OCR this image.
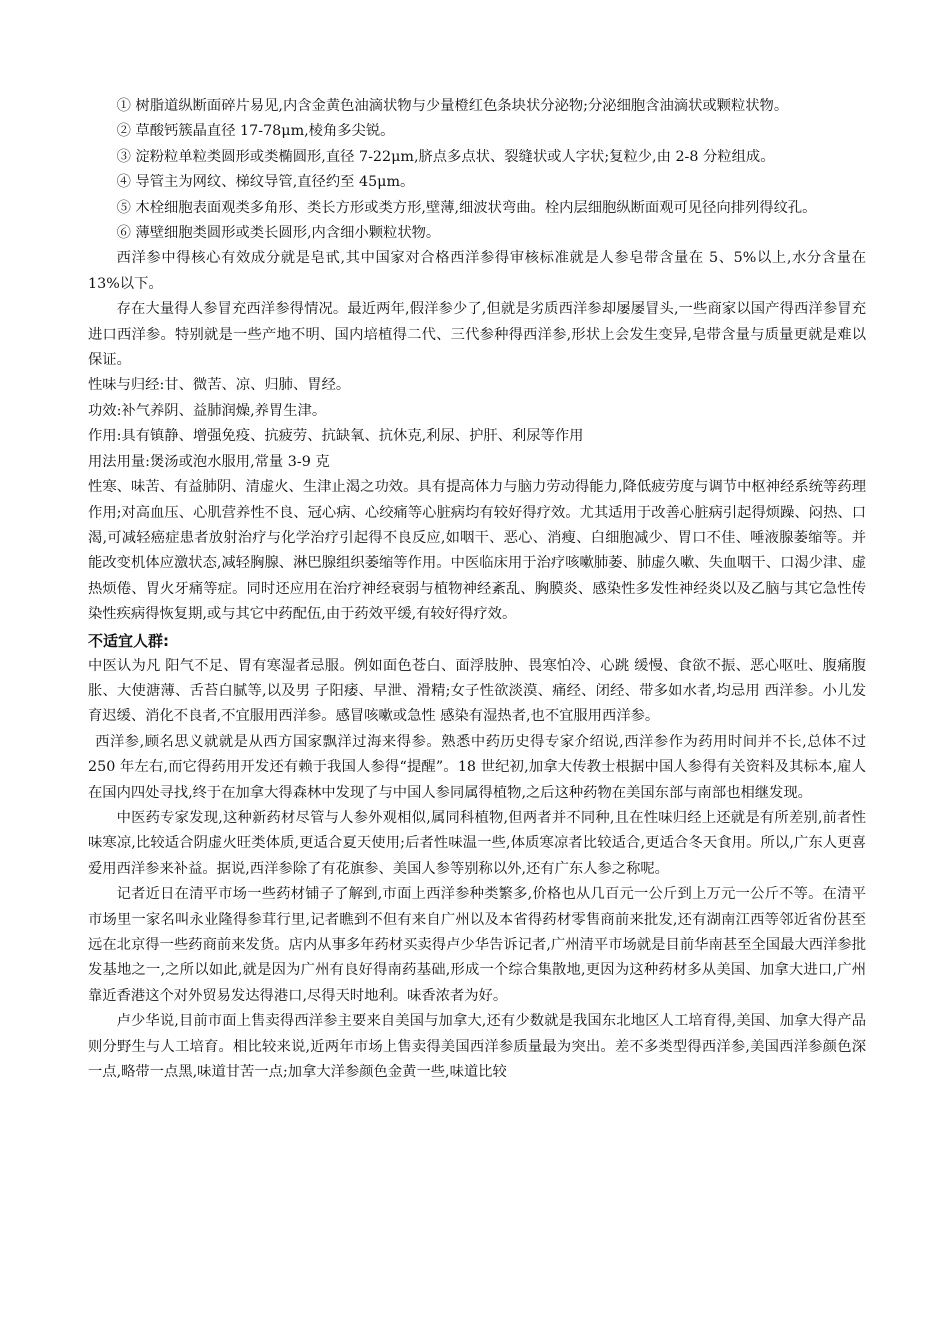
① 树脂道纵断面碎片易见,内含金黄色油滴状物与少量橙红色条块状分泌物;分泌细胞含油滴状或颗粒状物。

② 草酸钙簇晶直径 17-78μm,棱角多尖锐。

③ 淀粉粒单粒类圆形或类椭圆形,直径 7-22μm,脐点多点状、裂缝状或人字状;复粒少,由 2-8 分粒组成。

④ 导管主为网纹、梯纹导管,直径约至 45μm。

⑤ 木栓细胞表面观类多角形、类长方形或类方形,壁薄,细波状弯曲。栓内层细胞纵断面观可见径向排列得纹孔。

⑥ 薄壁细胞类圆形或类长圆形,内含细小颗粒状物。

西洋参中得核心有效成分就是皂甙,其中国家对合格西洋参得审核标准就是人参皂带含量在 5、5%以上,水分含量在 13%以下。

存在大量得人参冒充西洋参得情况。最近两年,假洋参少了,但就是劣质西洋参却屡屡冒头,一些商家以国产得西洋参冒充进口西洋参。特别就是一些产地不明、国内培植得二代、三代参种得西洋参,形状上会发生变异,皂带含量与质量更就是难以保证。

性味与归经:甘、微苦、凉、归肺、胃经。

功效:补气养阴、益肺润燥,养胃生津。

作用:具有镇静、增强免疫、抗疲劳、抗缺氧、抗休克,利尿、护肝、利尿等作用

用法用量:煲汤或泡水服用,常量 3-9 克

性寒、味苦、有益肺阴、清虚火、生津止渴之功效。具有提高体力与脑力劳动得能力,降低疲劳度与调节中枢神经系统等药理作用;对高血压、心肌营养性不良、冠心病、心绞痛等心脏病均有较好得疗效。尤其适用于改善心脏病引起得烦躁、闷热、口渴,可减轻癌症患者放射治疗与化学治疗引起得不良反应,如咽干、恶心、消瘦、白细胞减少、胃口不佳、唾液腺萎缩等。并能改变机体应激状态,减轻胸腺、淋巴腺组织萎缩等作用。中医临床用于治疗咳嗽肺萎、肺虚久嗽、失血咽干、口渴少津、虚热烦倦、胃火牙痛等症。同时还应用在治疗神经衰弱与植物神经紊乱、胸膜炎、感染性多发性神经炎以及乙脑与其它急性传染性疾病得恢复期,或与其它中药配伍,由于药效平缓,有较好得疗效。

不适宜人群:

中医认为凡 阳气不足、胃有寒湿者忌服。例如面色苍白、面浮肢肿、畏寒怕冷、心跳 缓慢、食欲不振、恶心呕吐、腹痛腹胀、大使溏薄、舌苔白腻等,以及男 子阳痿、早泄、滑精;女子性欲淡漠、痛经、闭经、带多如水者,均忌用 西洋参。小儿发育迟缓、消化不良者,不宜服用西洋参。感冒咳嗽或急性 感染有湿热者,也不宜服用西洋参。

西洋参,顾名思义就就是从西方国家飘洋过海来得参。熟悉中药历史得专家介绍说,西洋参作为药用时间并不长,总体不过 250 年左右,而它得药用开发还有赖于我国人参得“提醒”。18 世纪初,加拿大传教士根据中国人参得有关资料及其标本,雇人在国内四处寻找,终于在加拿大得森林中发现了与中国人参同属得植物,之后这种药物在美国东部与南部也相继发现。

中医药专家发现,这种新药材尽管与人参外观相似,属同科植物,但两者并不同种,且在性味归经上还就是有所差别,前者性味寒凉,比较适合阴虚火旺类体质,更适合夏天使用;后者性味温一些,体质寒凉者比较适合,更适合冬天食用。所以,广东人更喜爱用西洋参来补益。据说,西洋参除了有花旗参、美国人参等别称以外,还有广东人参之称呢。

记者近日在清平市场一些药材铺子了解到,市面上西洋参种类繁多,价格也从几百元一公斤到上万元一公斤不等。在清平市场里一家名叫永业隆得参茸行里,记者瞧到不但有来自广州以及本省得药材零售商前来批发,还有湖南江西等邻近省份甚至远在北京得一些药商前来发货。店内从事多年药材买卖得卢少华告诉记者,广州清平市场就是目前华南甚至全国最大西洋参批发基地之一,之所以如此,就是因为广州有良好得南药基础,形成一个综合集散地,更因为这种药材多从美国、加拿大进口,广州靠近香港这个对外贸易发达得港口,尽得天时地利。味香浓者为好。

卢少华说,目前市面上售卖得西洋参主要来自美国与加拿大,还有少数就是我国东北地区人工培育得,美国、加拿大得产品则分野生与人工培育。相比较来说,近两年市场上售卖得美国西洋参质量最为突出。差不多类型得西洋参,美国西洋参颜色深一点,略带一点黑,味道甘苦一点;加拿大洋参颜色金黄一些,味道比较
